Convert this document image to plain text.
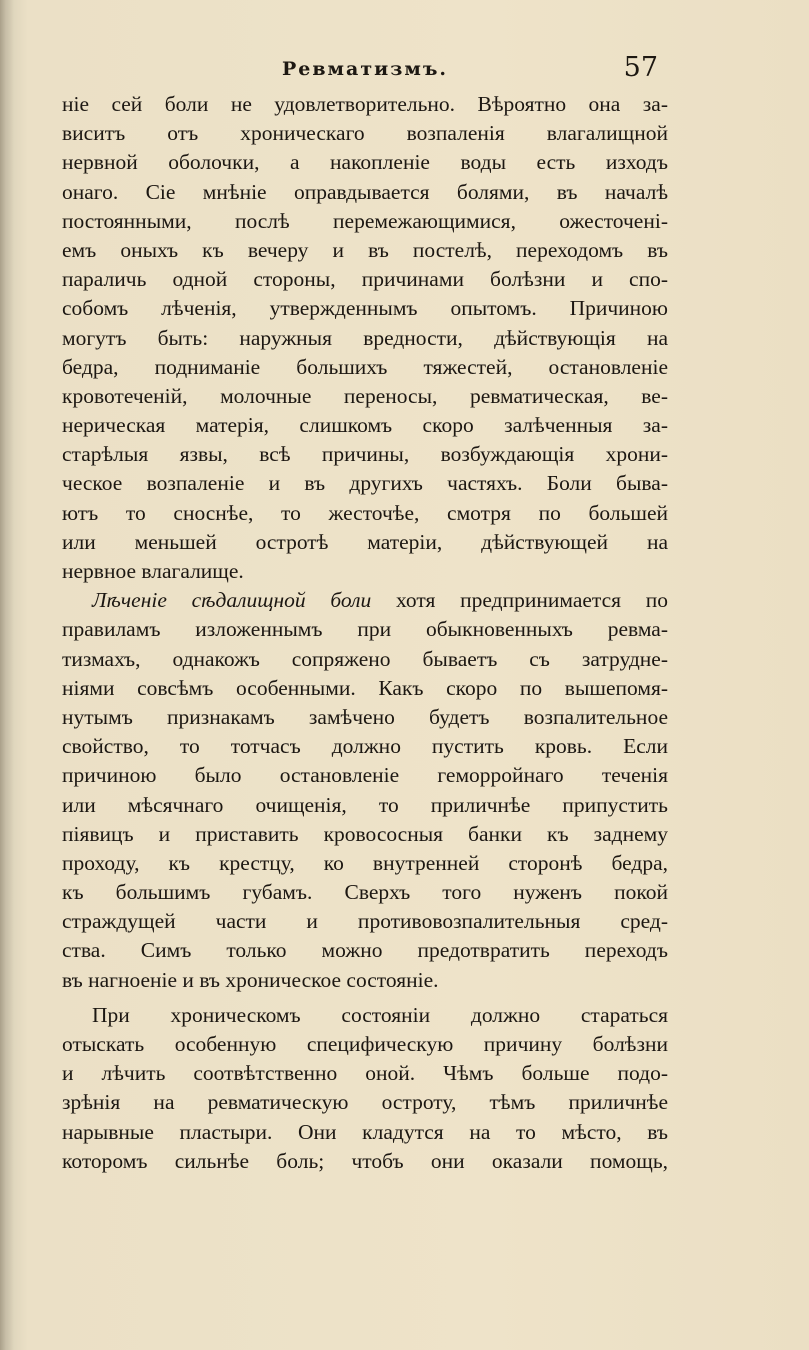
Ревматизмъ.	57
ніе сей боли не удовлетворительно. Вѣроятно она за-
виситъ отъ хроническаго возпаленія влагалищной
нервной оболочки, а накопленіе воды есть изходъ
онаго. Сіе мнѣніе оправдывается болями, въ началѣ
постоянными, послѣ перемежающимися, ожесточені-
емъ оныхъ къ вечеру и въ постелѣ, переходомъ въ
параличь одной стороны, причинами болѣзни и спо-
собомъ лѣченія, утвержденнымъ опытомъ. Причиною
могутъ быть: наружныя вредности, дѣйствующія на
бедра, подниманіе большихъ тяжестей, остановленіе
кровотеченій, молочные переносы, ревматическая, ве-
нерическая матерія, слишкомъ скоро залѣченныя за-
старѣлыя язвы, всѣ причины, возбуждающія хрони-
ческое возпаленіе и въ другихъ частяхъ. Боли быва-
ютъ то сноснѣе, то жесточѣе, смотря по большей
или меньшей остротѣ матеріи, дѣйствующей на
нервное влагалище.
Лѣченіе сѣдалищной боли хотя предпринимается по
правиламъ изложеннымъ при обыкновенныхъ ревма-
тизмахъ, однакожъ сопряжено бываетъ съ затрудне-
ніями совсѣмъ особенными. Какъ скоро по вышепомя-
нутымъ признакамъ замѣчено будетъ возпалительное
свойство, то тотчасъ должно пустить кровь. Если
причиною было остановленіе геморройнаго теченія
или мѣсячнаго очищенія, то приличнѣе припустить
піявицъ и приставить кровососныя банки къ заднему
проходу, къ крестцу, ко внутренней сторонѣ бедра,
къ большимъ губамъ. Сверхъ того нуженъ покой
страждущей части и противовозпалительныя сред-
ства. Симъ только можно предотвратить переходъ
въ нагноеніе и въ хроническое состояніе.
При хроническомъ состояніи должно стараться
отыскать особенную специфическую причину болѣзни
и лѣчить соотвѣтственно оной. Чѣмъ больше подо-
зрѣнія на ревматическую остроту, тѣмъ приличнѣе
нарывные пластыри. Они кладутся на то мѣсто, въ
которомъ сильнѣе боль; чтобъ они оказали помощь,
